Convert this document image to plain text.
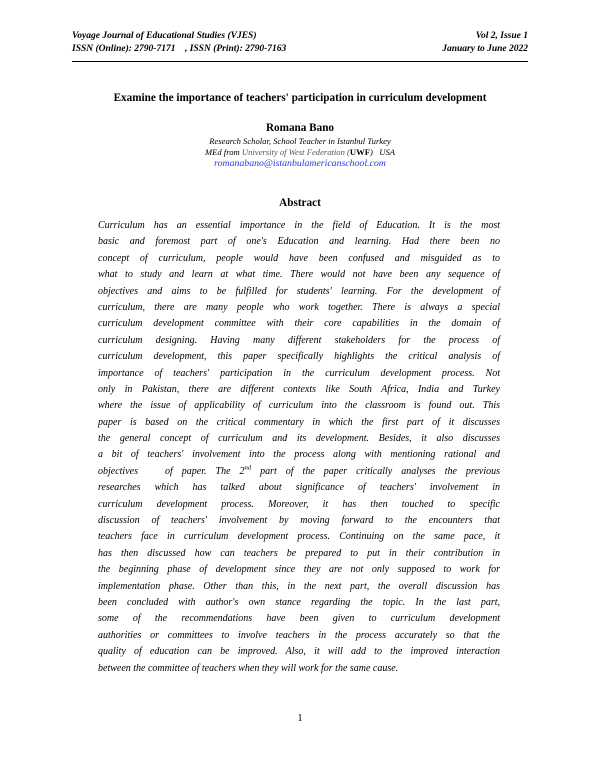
Voyage Journal of Educational Studies (VJES)	Vol 2, Issue 1
ISSN (Online): 2790-7171    , ISSN (Print): 2790-7163	January to June 2022
Examine the importance of teachers' participation in curriculum development
Romana Bano
Research Scholar, School Teacher in Istanbul Turkey
MEd from University of West Federation (UWF)   USA
romanabano@istanbulamericanschool.com
Abstract
Curriculum has an essential importance in the field of Education. It is the most
basic and foremost part of one's Education and learning. Had there been no
concept of curriculum, people would have been confused and misguided as to
what to study and learn at what time. There would not have been any sequence of
objectives and aims to be fulfilled for students' learning. For the development of
curriculum, there are many people who work together. There is always a special
curriculum development committee with their core capabilities in the domain of
curriculum designing. Having many different stakeholders for the process of
curriculum development, this paper specifically highlights the critical analysis of
importance of teachers' participation in the curriculum development process. Not
only in Pakistan, there are different contexts like South Africa, India and Turkey
where the issue of applicability of curriculum into the classroom is found out. This
paper is based on the critical commentary in which the first part of it discusses
the general concept of curriculum and its development. Besides, it also discusses
a bit of teachers' involvement into the process along with mentioning rational and
objectives   of paper. The 2nd part of the paper critically analyses the previous
researches which has talked about significance of teachers' involvement in
curriculum development process. Moreover, it has then touched to specific
discussion of teachers' involvement by moving forward to the encounters that
teachers face in curriculum development process. Continuing on the same pace, it
has then discussed how can teachers be prepared to put in their contribution in
the beginning phase of development since they are not only supposed to work for
implementation phase. Other than this, in the next part, the overall discussion has
been concluded with author's own stance regarding the topic. In the last part,
some of the recommendations have been given to curriculum development
authorities or committees to involve teachers in the process accurately so that the
quality of education can be improved. Also, it will add to the improved interaction
between the committee of teachers when they will work for the same cause.
1
